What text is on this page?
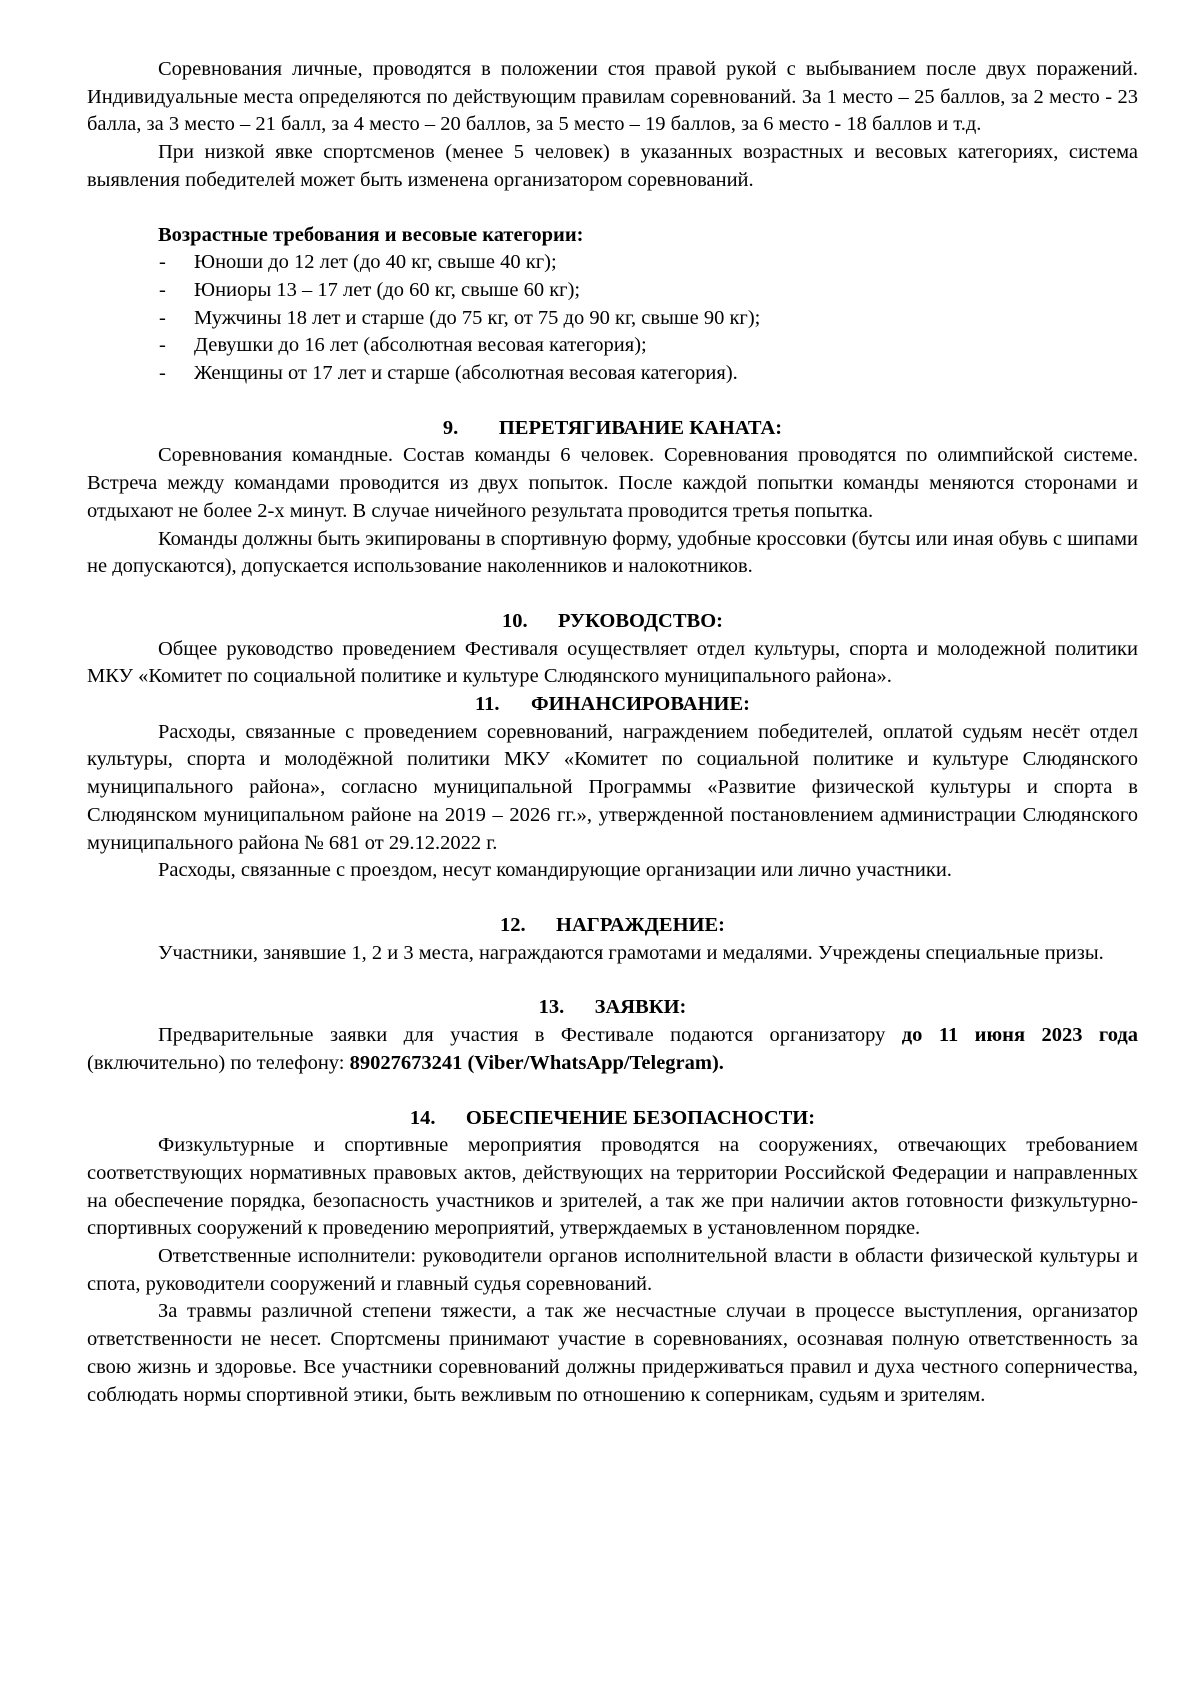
Соревнования личные, проводятся в положении стоя правой рукой с выбыванием после двух поражений. Индивидуальные места определяются по действующим правилам соревнований. За 1 место – 25 баллов, за 2 место - 23 балла, за 3 место – 21 балл, за 4 место – 20 баллов, за 5 место – 19 баллов, за 6 место - 18 баллов и т.д.

При низкой явке спортсменов (менее 5 человек) в указанных возрастных и весовых категориях, система выявления победителей может быть изменена организатором соревнований.

Возрастные требования и весовые категории:
- Юноши до 12 лет (до 40 кг, свыше 40 кг);
- Юниоры 13 – 17 лет (до 60 кг, свыше 60 кг);
- Мужчины 18 лет и старше (до 75 кг, от 75 до 90 кг, свыше 90 кг);
- Девушки до 16 лет (абсолютная весовая категория);
- Женщины от 17 лет и старше (абсолютная весовая категория).
9. ПЕРЕТЯГИВАНИЕ КАНАТА:

Соревнования командные. Состав команды 6 человек. Соревнования проводятся по олимпийской системе. Встреча между командами проводится из двух попыток. После каждой попытки команды меняются сторонами и отдыхают не более 2-х минут. В случае ничейного результата проводится третья попытка.

Команды должны быть экипированы в спортивную форму, удобные кроссовки (бутсы или иная обувь с шипами не допускаются), допускается использование наколенников и налокотников.

10. РУКОВОДСТВО:

Общее руководство проведением Фестиваля осуществляет отдел культуры, спорта и молодежной политики МКУ «Комитет по социальной политике и культуре Слюдянского муниципального района».

11. ФИНАНСИРОВАНИЕ:

Расходы, связанные с проведением соревнований, награждением победителей, оплатой судьям несёт отдел культуры, спорта и молодёжной политики МКУ «Комитет по социальной политике и культуре Слюдянского муниципального района», согласно муниципальной Программы «Развитие физической культуры и спорта в Слюдянском муниципальном районе на 2019 – 2026 гг.», утвержденной постановлением администрации Слюдянского муниципального района № 681 от 29.12.2022 г.

Расходы, связанные с проездом, несут командирующие организации или лично участники.

12. НАГРАЖДЕНИЕ:

Участники, занявшие 1, 2 и 3 места, награждаются грамотами и медалями. Учреждены специальные призы.

13. ЗАЯВКИ:

Предварительные заявки для участия в Фестивале подаются организатору до 11 июня 2023 года (включительно) по телефону: 89027673241 (Viber/WhatsApp/Telegram).

14. ОБЕСПЕЧЕНИЕ БЕЗОПАСНОСТИ:

Физкультурные и спортивные мероприятия проводятся на сооружениях, отвечающих требованием соответствующих нормативных правовых актов, действующих на территории Российской Федерации и направленных на обеспечение порядка, безопасность участников и зрителей, а так же при наличии актов готовности физкультурно-спортивных сооружений к проведению мероприятий, утверждаемых в установленном порядке.

Ответственные исполнители: руководители органов исполнительной власти в области физической культуры и спота, руководители сооружений и главный судья соревнований.

За травмы различной степени тяжести, а так же несчастные случаи в процессе выступления, организатор ответственности не несет. Спортсмены принимают участие в соревнованиях, осознавая полную ответственность за свою жизнь и здоровье. Все участники соревнований должны придерживаться правил и духа честного соперничества, соблюдать нормы спортивной этики, быть вежливым по отношению к соперникам, судьям и зрителям.
